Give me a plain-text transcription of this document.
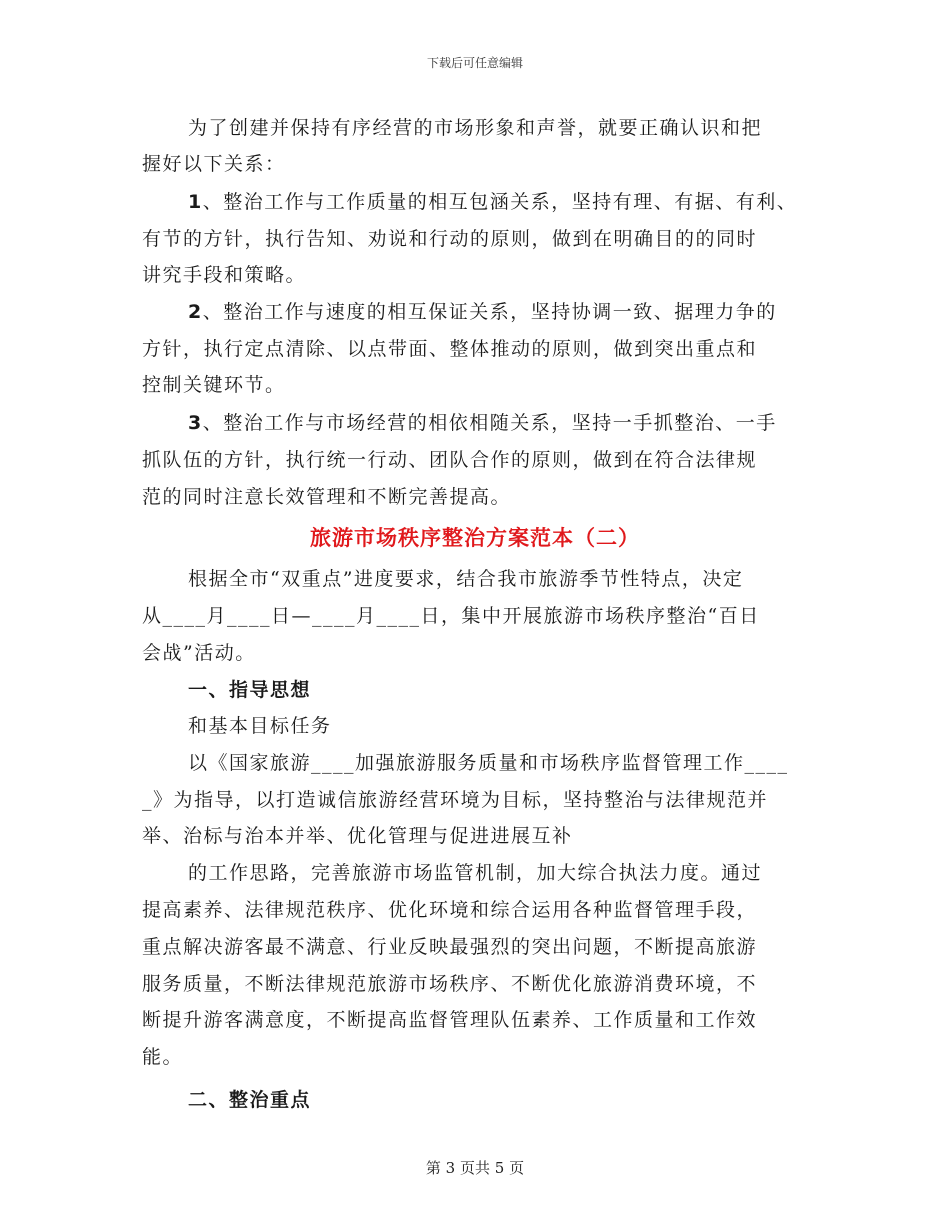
下载后可任意编辑
为了创建并保持有序经营的市场形象和声誉，就要正确认识和把
握好以下关系：
1、整治工作与工作质量的相互包涵关系，坚持有理、有据、有利、
有节的方针，执行告知、劝说和行动的原则，做到在明确目的的同时
讲究手段和策略。
2、整治工作与速度的相互保证关系，坚持协调一致、据理力争的
方针，执行定点清除、以点带面、整体推动的原则，做到突出重点和
控制关键环节。
3、整治工作与市场经营的相依相随关系，坚持一手抓整治、一手
抓队伍的方针，执行统一行动、团队合作的原则，做到在符合法律规
范的同时注意长效管理和不断完善提高。
旅游市场秩序整治方案范本（二）
根据全市“双重点”进度要求，结合我市旅游季节性特点，决定
从____月____日—____月____日，集中开展旅游市场秩序整治“百日
会战”活动。
一、指导思想
和基本目标任务
以《国家旅游____加强旅游服务质量和市场秩序监督管理工作____
_》为指导，以打造诚信旅游经营环境为目标，坚持整治与法律规范并
举、治标与治本并举、优化管理与促进进展互补
的工作思路，完善旅游市场监管机制，加大综合执法力度。通过
提高素养、法律规范秩序、优化环境和综合运用各种监督管理手段，
重点解决游客最不满意、行业反映最强烈的突出问题，不断提高旅游
服务质量，不断法律规范旅游市场秩序、不断优化旅游消费环境，不
断提升游客满意度，不断提高监督管理队伍素养、工作质量和工作效
能。
二、整治重点
第 3 页共 5 页
